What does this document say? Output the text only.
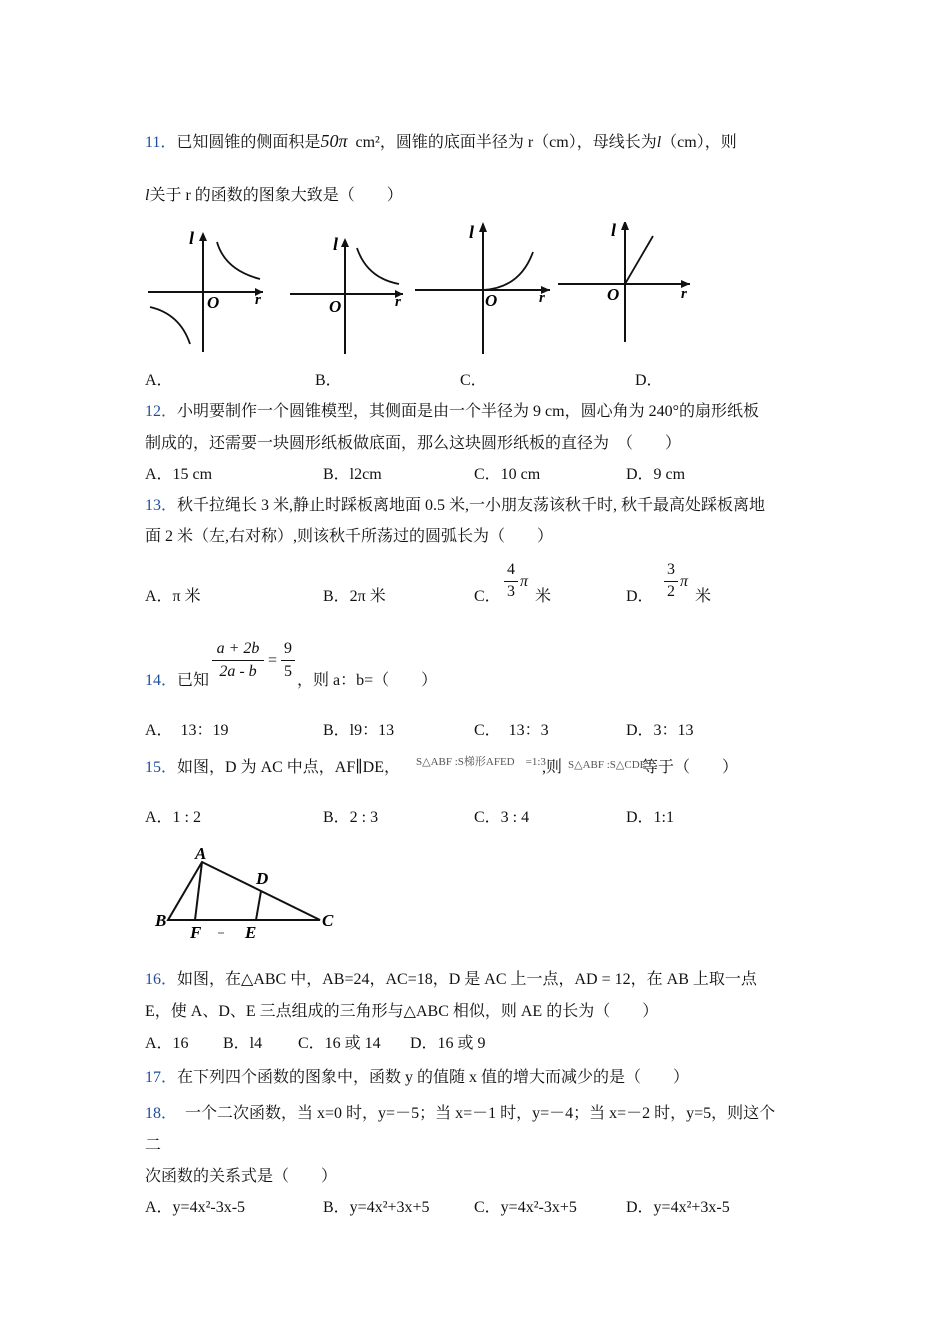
11．已知圆锥的侧面积是50π cm²，圆锥的底面半径为 r（cm），母线长为l（cm），则
l关于 r 的函数的图象大致是（　　）
l
O r
l
O	r
l
O	r
l
O	r
A．	B．	C．	D．
12．小明要制作一个圆锥模型，其侧面是由一个半径为 9 cm，圆心角为 240°的扇形纸板
制成的，还需要一块圆形纸板做底面，那么这块圆形纸板的直径为　（　　）
A．15 cm	B．l2cm	C．10 cm	D．9 cm
13．秋千拉绳长 3 米,静止时踩板离地面 0.5 米,一小朋友荡该秋千时, 秋千最高处踩板离地
面 2 米（左,右对称）,则该秋千所荡过的圆弧长为（　　）
A．π 米	B．2π 米	C．
4
3
π
米	D．
3
2
π
米
14．已知
a + 2b
2a - b
=
9
5
，则 a：b=（　　）
A．　13：19	B．l9：13	C．　13：3	D．3：13
15．如图，D 为 AC 中点，AF∥DE， S△ABF :S梯形AFED　=1:3
,则 S△ABF :S△CDE
等于（　　）
A．1 : 2	B．2 : 3	C．3 : 4	D．1:1
A
B	C
D
E
F
16．如图，在△ABC 中，AB=24，AC=18，D 是 AC 上一点，AD = 12，在 AB 上取一点
E，使 A、D、E 三点组成的三角形与△ABC 相似，则 AE 的长为（　　）
A．16 B．l4 C．16 或 14 D．16 或 9
17．在下列四个函数的图象中，函数 y 的值随 x 值的增大而减少的是（　　）
18．　一个二次函数，当 x=0 时，y=－5；当 x=－1 时，y=－4；当 x=－2 时，y=5，则这个
二
次函数的关系式是（　　）
A．y=4x²-3x-5	B．y=4x²+3x+5	C．y=4x²-3x+5	D．y=4x²+3x-5
